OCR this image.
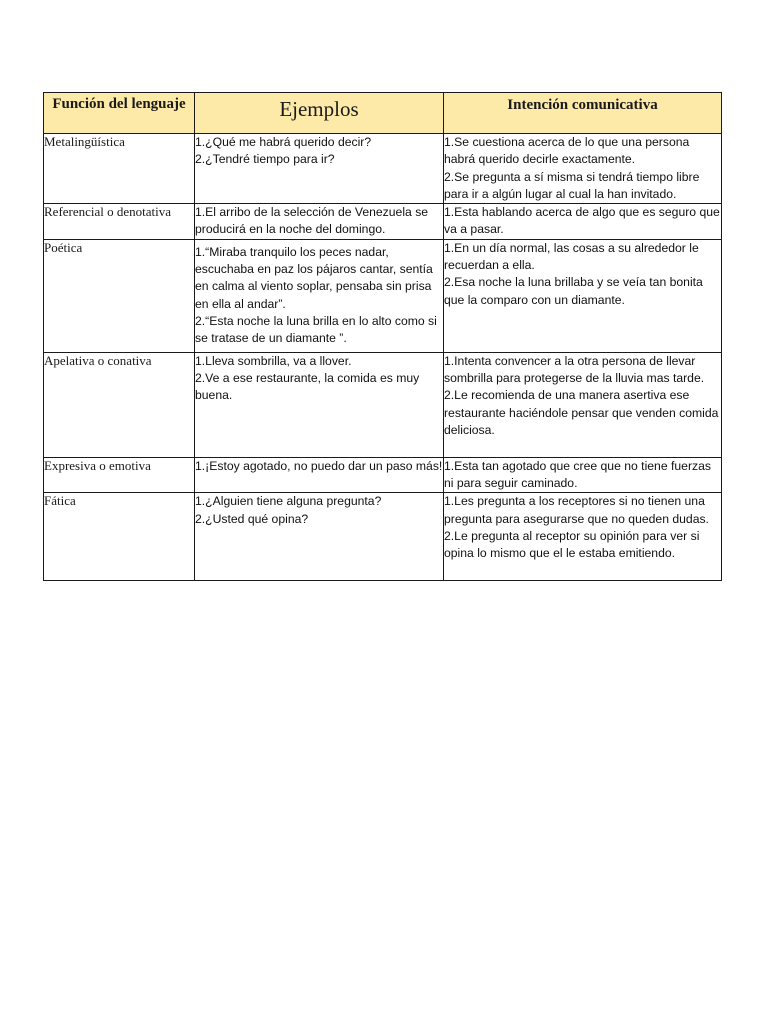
Función del lenguaje	Ejemplos	Intención comunicativa

Metalingüística	1.¿Qué me habrá querido decir?
2.¿Tendré tiempo para ir?	1.Se cuestiona acerca de lo que una persona habrá querido decirle exactamente.
2.Se pregunta a sí misma si tendrá tiempo libre para ir a algún lugar al cual la han invitado.

Referencial o denotativa	1.El arribo de la selección de Venezuela se producirá en la noche del domingo.	1.Esta hablando acerca de algo que es seguro que va a pasar.

Poética	1.“Miraba tranquilo los peces nadar, escuchaba en paz los pájaros cantar, sentía en calma al viento soplar, pensaba sin prisa en ella al andar”.
2.“Esta noche la luna brilla en lo alto como si se tratase de un diamante ”.	1.En un día normal, las cosas a su alrededor le recuerdan a ella.
2.Esa noche la luna brillaba y se veía tan bonita que la comparo con un diamante.

Apelativa o conativa	1.Lleva sombrilla, va a llover.
2.Ve a ese restaurante, la comida es muy buena.	1.Intenta convencer a la otra persona de llevar sombrilla para protegerse de la lluvia mas tarde.
2.Le recomienda de una manera asertiva ese restaurante haciéndole pensar que venden comida deliciosa.

Expresiva o emotiva	1.¡Estoy agotado, no puedo dar un paso más!	1.Esta tan agotado que cree que no tiene fuerzas ni para seguir caminado.

Fática	1.¿Alguien tiene alguna pregunta?
2.¿Usted qué opina?	1.Les pregunta a los receptores si no tienen una pregunta para asegurarse que no queden dudas.
2.Le pregunta al receptor su opinión para ver si opina lo mismo que el le estaba emitiendo.
